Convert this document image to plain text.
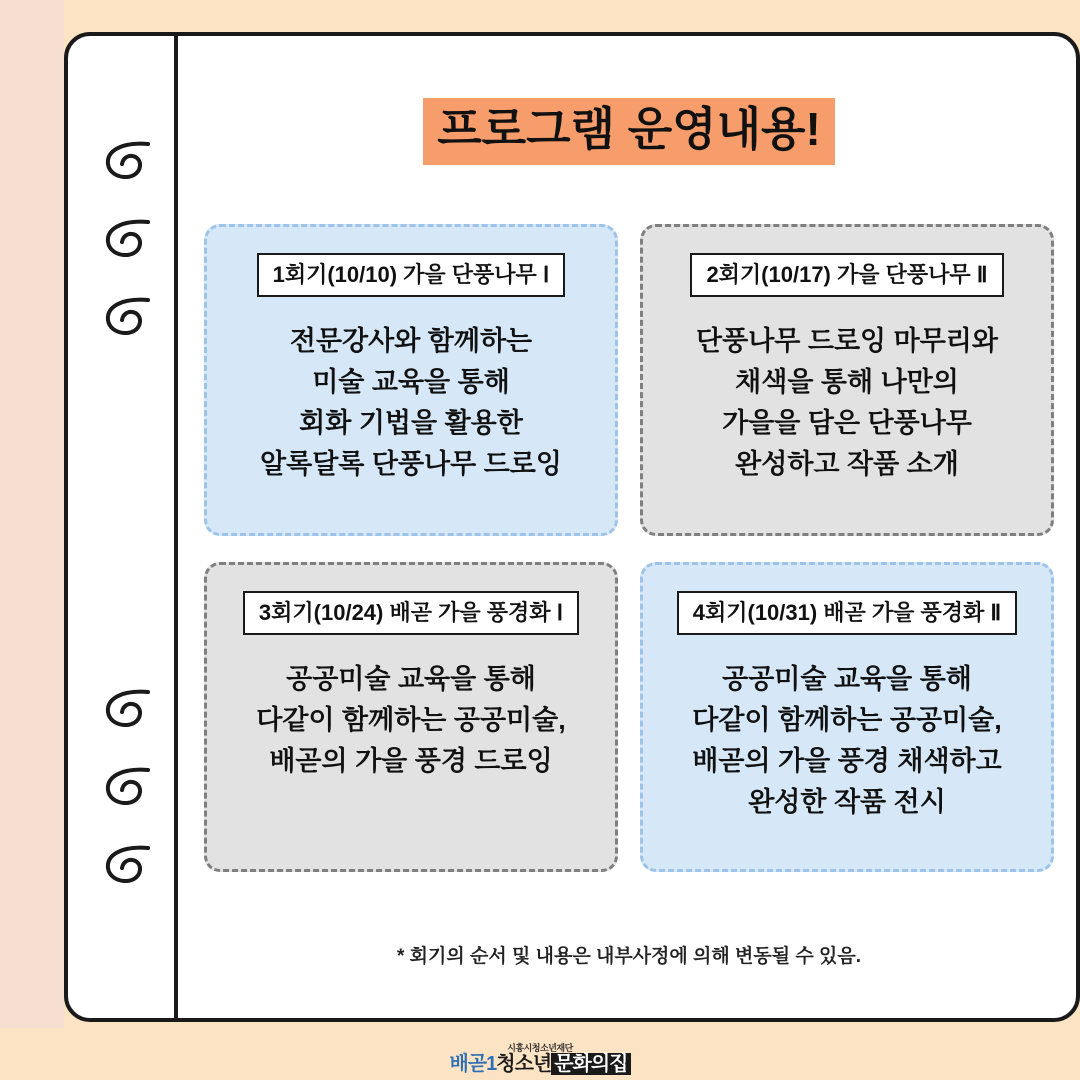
프로그램 운영내용!
1회기(10/10) 가을 단풍나무 Ⅰ
전문강사와 함께하는
미술 교육을 통해
회화 기법을 활용한
알록달록 단풍나무 드로잉
2회기(10/17) 가을 단풍나무 Ⅱ
단풍나무 드로잉 마무리와
채색을 통해 나만의
가을을 담은 단풍나무
완성하고 작품 소개
3회기(10/24) 배곧 가을 풍경화 Ⅰ
공공미술 교육을 통해
다같이 함께하는 공공미술,
배곧의 가을 풍경 드로잉
4회기(10/31) 배곧 가을 풍경화 Ⅱ
공공미술 교육을 통해
다같이 함께하는 공공미술,
배곧의 가을 풍경 채색하고
완성한 작품 전시
* 회기의 순서 및 내용은 내부사정에 의해 변동될 수 있음.
시흥시청소년재단
배곧1청소년 문화의집
